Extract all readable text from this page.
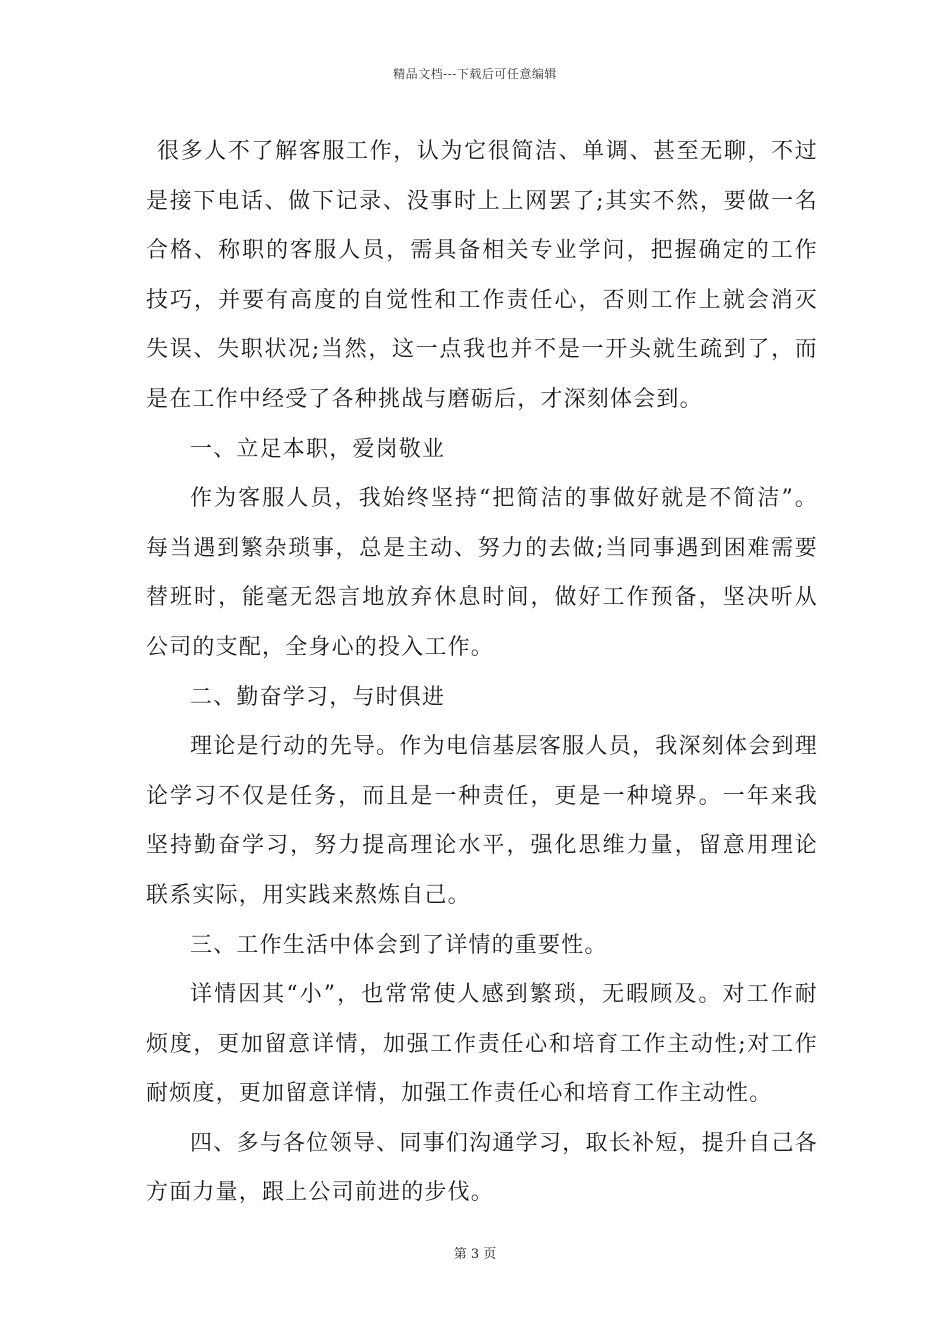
精品文档---下载后可任意编辑

很多人不了解客服工作，认为它很简洁、单调、甚至无聊，不过是接下电话、做下记录、没事时上上网罢了;其实不然，要做一名合格、称职的客服人员，需具备相关专业学问，把握确定的工作技巧，并要有高度的自觉性和工作责任心，否则工作上就会消灭失误、失职状况;当然，这一点我也并不是一开头就生疏到了，而是在工作中经受了各种挑战与磨砺后，才深刻体会到。

一、立足本职，爱岗敬业

作为客服人员，我始终坚持“把简洁的事做好就是不简洁”。每当遇到繁杂琐事，总是主动、努力的去做;当同事遇到困难需要替班时，能毫无怨言地放弃休息时间，做好工作预备，坚决听从公司的支配，全身心的投入工作。

二、勤奋学习，与时俱进

理论是行动的先导。作为电信基层客服人员，我深刻体会到理论学习不仅是任务，而且是一种责任，更是一种境界。一年来我坚持勤奋学习，努力提高理论水平，强化思维力量，留意用理论联系实际，用实践来熬炼自己。

三、工作生活中体会到了详情的重要性。

详情因其“小”，也常常使人感到繁琐，无暇顾及。对工作耐烦度，更加留意详情，加强工作责任心和培育工作主动性;对工作耐烦度，更加留意详情，加强工作责任心和培育工作主动性。

四、多与各位领导、同事们沟通学习，取长补短，提升自己各方面力量，跟上公司前进的步伐。

第 3 页
